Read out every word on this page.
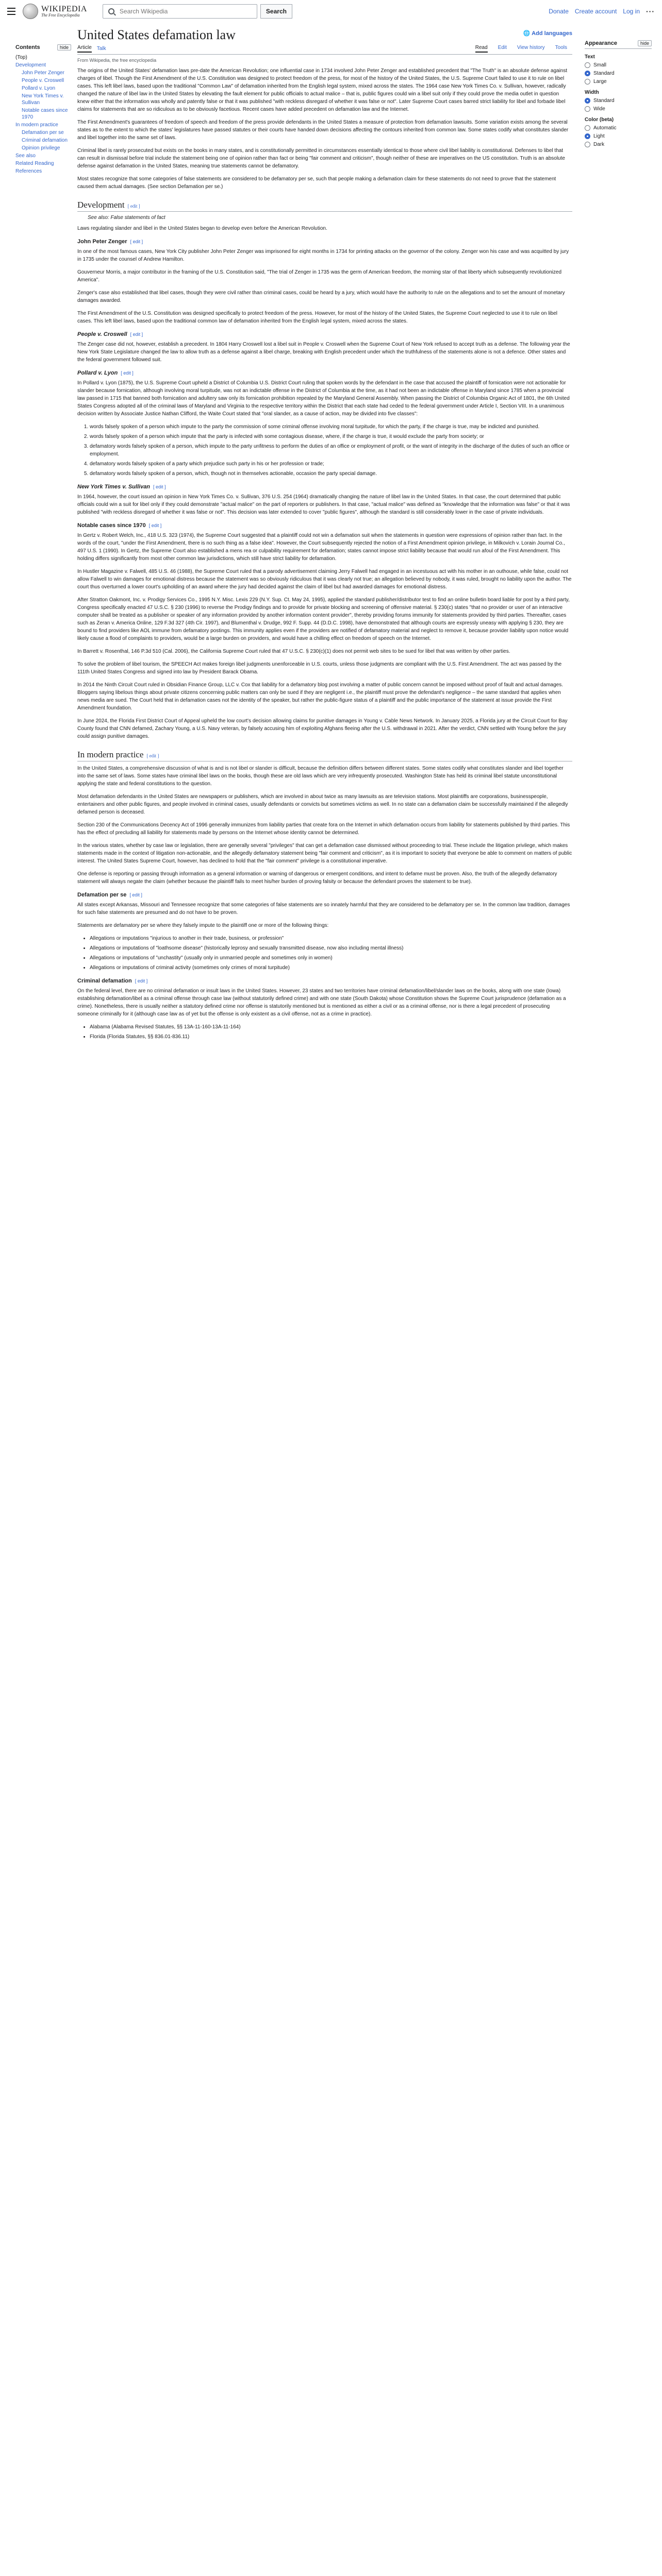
WIKIPEDIA
The Free Encyclopedia
Search Wikipedia
Search	Donate Create account Log in ···
Contents	hide
(Top)
Development
John Peter Zenger
People v. Croswell
Pollard v. Lyon
New York Times v. Sullivan
Notable cases since 1970
In modern practice
Defamation per se
Criminal defamation
Opinion privilege
See also
Related Reading
References
United States defamation law	🌐 Add languages
Article Talk	Read Edit View history Tools
From Wikipedia, the free encyclopedia

The origins of the United States' defamation laws pre-date the American Revolution; one influential case in 1734 involved John Peter Zenger and established precedent that "The Truth" is an absolute defense against charges of libel. Though the First Amendment of the U.S. Constitution was designed to protect freedom of the press, for most of the history of the United States, the U.S. Supreme Court failed to use it to rule on libel cases. This left libel laws, based upon the traditional "Common Law" of defamation inherited from the English legal system, mixed across the states. The 1964 case New York Times Co. v. Sullivan, however, radically changed the nature of libel law in the United States by elevating the fault element for public officials to actual malice – that is, public figures could win a libel suit only if they could prove the media outlet in question knew either that the information was wholly and patently false or that it was published "with reckless disregard of whether it was false or not". Later Supreme Court cases barred strict liability for libel and forbade libel claims for statements that are so ridiculous as to be obviously facetious. Recent cases have added precedent on defamation law and the Internet.

The First Amendment's guarantees of freedom of speech and freedom of the press provide defendants in the United States a measure of protection from defamation lawsuits. Some variation exists among the several states as to the extent to which the states' legislatures have passed statutes or their courts have handed down decisions affecting the contours inherited from common law. Some states codify what constitutes slander and libel together into the same set of laws.

Criminal libel is rarely prosecuted but exists on the books in many states, and is constitutionally permitted in circumstances essentially identical to those where civil libel liability is constitutional. Defenses to libel that can result in dismissal before trial include the statement being one of opinion rather than fact or being "fair comment and criticism", though neither of these are imperatives on the US constitution. Truth is an absolute defense against defamation in the United States, meaning true statements cannot be defamatory.

Most states recognize that some categories of false statements are considered to be defamatory per se, such that people making a defamation claim for these statements do not need to prove that the statement caused them actual damages. (See section Defamation per se.)

Development [ edit ]
See also: False statements of fact

Laws regulating slander and libel in the United States began to develop even before the American Revolution.

John Peter Zenger [ edit ]

In one of the most famous cases, New York City publisher John Peter Zenger was imprisoned for eight months in 1734 for printing attacks on the governor of the colony. Zenger won his case and was acquitted by jury in 1735 under the counsel of Andrew Hamilton.

Gouverneur Morris, a major contributor in the framing of the U.S. Constitution said, "The trial of Zenger in 1735 was the germ of American freedom, the morning star of that liberty which subsequently revolutionized America".

Zenger's case also established that libel cases, though they were civil rather than criminal cases, could be heard by a jury, which would have the authority to rule on the allegations and to set the amount of monetary damages awarded.

The First Amendment of the U.S. Constitution was designed specifically to protect freedom of the press. However, for most of the history of the United States, the Supreme Court neglected to use it to rule on libel cases. This left libel laws, based upon the traditional common law of defamation inherited from the English legal system, mixed across the states.

People v. Croswell [ edit ]

The Zenger case did not, however, establish a precedent. In 1804 Harry Croswell lost a libel suit in People v. Croswell when the Supreme Court of New York refused to accept truth as a defense. The following year the New York State Legislature changed the law to allow truth as a defense against a libel charge, breaking with English precedent under which the truthfulness of the statements alone is not a defence. Other states and the federal government followed suit.

Pollard v. Lyon [ edit ]

In Pollard v. Lyon (1875), the U.S. Supreme Court upheld a District of Columbia U.S. District Court ruling that spoken words by the defendant in the case that accused the plaintiff of fornication were not actionable for slander because fornication, although involving moral turpitude, was not an indictable offense in the District of Columbia at the time, as it had not been an indictable offense in Maryland since 1785 when a provincial law passed in 1715 that banned both fornication and adultery saw only its fornication prohibition repealed by the Maryland General Assembly. When passing the District of Columbia Organic Act of 1801, the 6th United States Congress adopted all of the criminal laws of Maryland and Virginia to the respective territory within the District that each state had ceded to the federal government under Article I, Section VIII. In a unanimous decision written by Associate Justice Nathan Clifford, the Waite Court stated that "oral slander, as a cause of action, may be divided into five classes":

1. words falsely spoken of a person which impute to the party the commission of some criminal offense involving moral turpitude, for which the party, if the charge is true, may be indicted and punished.
2. words falsely spoken of a person which impute that the party is infected with some contagious disease, where, if the charge is true, it would exclude the party from society; or
3. defamatory words falsely spoken of a person, which impute to the party unfitness to perform the duties of an office or employment of profit, or the want of integrity in the discharge of the duties of such an office or employment.
4. defamatory words falsely spoken of a party which prejudice such party in his or her profession or trade;
5. defamatory words falsely spoken of a person, which, though not in themselves actionable, occasion the party special damage.
New York Times v. Sullivan [ edit ]

In 1964, however, the court issued an opinion in New York Times Co. v. Sullivan, 376 U.S. 254 (1964) dramatically changing the nature of libel law in the United States. In that case, the court determined that public officials could win a suit for libel only if they could demonstrate "actual malice" on the part of reporters or publishers. In that case, "actual malice" was defined as "knowledge that the information was false" or that it was published "with reckless disregard of whether it was false or not". This decision was later extended to cover "public figures", although the standard is still considerably lower in the case of private individuals.

Notable cases since 1970 [ edit ]

In Gertz v. Robert Welch, Inc., 418 U.S. 323 (1974), the Supreme Court suggested that a plaintiff could not win a defamation suit when the statements in question were expressions of opinion rather than fact. In the words of the court, "under the First Amendment, there is no such thing as a false idea". However, the Court subsequently rejected the notion of a First Amendment opinion privilege, in Milkovich v. Lorain Journal Co., 497 U.S. 1 (1990). In Gertz, the Supreme Court also established a mens rea or culpability requirement for defamation; states cannot impose strict liability because that would run afoul of the First Amendment. This holding differs significantly from most other common law jurisdictions, which still have strict liability for defamation.

In Hustler Magazine v. Falwell, 485 U.S. 46 (1988), the Supreme Court ruled that a parody advertisement claiming Jerry Falwell had engaged in an incestuous act with his mother in an outhouse, while false, could not allow Falwell to win damages for emotional distress because the statement was so obviously ridiculous that it was clearly not true; an allegation believed by nobody, it was ruled, brought no liability upon the author. The court thus overturned a lower court's upholding of an award where the jury had decided against the claim of libel but had awarded damages for emotional distress.

After Stratton Oakmont, Inc. v. Prodigy Services Co., 1995 N.Y. Misc. Lexis 229 (N.Y. Sup. Ct. May 24, 1995), applied the standard publisher/distributor test to find an online bulletin board liable for post by a third party, Congress specifically enacted 47 U.S.C. § 230 (1996) to reverse the Prodigy findings and to provide for private blocking and screening of offensive material. § 230(c) states "that no provider or user of an interactive computer shall be treated as a publisher or speaker of any information provided by another information content provider", thereby providing forums immunity for statements provided by third parties. Thereafter, cases such as Zeran v. America Online, 129 F.3d 327 (4th Cir. 1997), and Blumenthal v. Drudge, 992 F. Supp. 44 (D.D.C. 1998), have demonstrated that although courts are expressly uneasy with applying § 230, they are bound to find providers like AOL immune from defamatory postings. This immunity applies even if the providers are notified of defamatory material and neglect to remove it, because provider liability upon notice would likely cause a flood of complaints to providers, would be a large burden on providers, and would have a chilling effect on freedom of speech on the Internet.

In Barrett v. Rosenthal, 146 P.3d 510 (Cal. 2006), the California Supreme Court ruled that 47 U.S.C. § 230(c)(1) does not permit web sites to be sued for libel that was written by other parties.

To solve the problem of libel tourism, the SPEECH Act makes foreign libel judgments unenforceable in U.S. courts, unless those judgments are compliant with the U.S. First Amendment. The act was passed by the 111th United States Congress and signed into law by President Barack Obama.

In 2014 the Ninth Circuit Court ruled in Obsidian Finance Group, LLC v. Cox that liability for a defamatory blog post involving a matter of public concern cannot be imposed without proof of fault and actual damages. Bloggers saying libelous things about private citizens concerning public matters can only be sued if they are negligent i.e., the plaintiff must prove the defendant's negligence – the same standard that applies when news media are sued. The Court held that in defamation cases not the identity of the speaker, but rather the public-figure status of a plaintiff and the public importance of the statement at issue provide the First Amendment foundation.

In June 2024, the Florida First District Court of Appeal upheld the low court's decision allowing claims for punitive damages in Young v. Cable News Network. In January 2025, a Florida jury at the Circuit Court for Bay County found that CNN defamed, Zachary Young, a U.S. Navy veteran, by falsely accusing him of exploiting Afghans fleeing after the U.S. withdrawal in 2021. After the verdict, CNN settled with Young before the jury could assign punitive damages.

In modern practice [ edit ]

In the United States, a comprehensive discussion of what is and is not libel or slander is difficult, because the definition differs between different states. Some states codify what constitutes slander and libel together into the same set of laws. Some states have criminal libel laws on the books, though these are old laws which are very infrequently prosecuted. Washington State has held its criminal libel statute unconstitutional applying the state and federal constitutions to the question.

Most defamation defendants in the United States are newspapers or publishers, which are involved in about twice as many lawsuits as are television stations. Most plaintiffs are corporations, businesspeople, entertainers and other public figures, and people involved in criminal cases, usually defendants or convicts but sometimes victims as well. In no state can a defamation claim be successfully maintained if the allegedly defamed person is deceased.

Section 230 of the Communications Decency Act of 1996 generally immunizes from liability parties that create fora on the Internet in which defamation occurs from liability for statements published by third parties. This has the effect of precluding all liability for statements made by persons on the Internet whose identity cannot be determined.

In the various states, whether by case law or legislation, there are generally several "privileges" that can get a defamation case dismissed without proceeding to trial. These include the litigation privilege, which makes statements made in the context of litigation non-actionable, and the allegedly defamatory statement being "fair comment and criticism", as it is important to society that everyone be able to comment on matters of public interest. The United States Supreme Court, however, has declined to hold that the "fair comment" privilege is a constitutional imperative.

One defense is reporting or passing through information as a general information or warning of dangerous or emergent conditions, and intent to defame must be proven. Also, the truth of the allegedly defamatory statement will always negate the claim (whether because the plaintiff fails to meet his/her burden of proving falsity or because the defendant proves the statement to be true).

Defamation per se [ edit ]

All states except Arkansas, Missouri and Tennessee recognize that some categories of false statements are so innately harmful that they are considered to be defamatory per se. In the common law tradition, damages for such false statements are presumed and do not have to be proven.

Statements are defamatory per se where they falsely impute to the plaintiff one or more of the following things:

• Allegations or imputations "injurious to another in their trade, business, or profession"
• Allegations or imputations of "loathsome disease" (historically leprosy and sexually transmitted disease, now also including mental illness)
• Allegations or imputations of "unchastity" (usually only in unmarried people and sometimes only in women)
• Allegations or imputations of criminal activity (sometimes only crimes of moral turpitude)
Criminal defamation [ edit ]

On the federal level, there are no criminal defamation or insult laws in the United States. However, 23 states and two territories have criminal defamation/libel/slander laws on the books, along with one state (Iowa) establishing defamation/libel as a criminal offense through case law (without statutorily defined crime) and with one state (South Dakota) whose Constitution shows the Supreme Court jurisprudence (defamation as a crime). Nonetheless, there is usually neither a statutory defined crime nor offense is statutorily mentioned but is mentioned as either a civil or as a criminal offense, nor is there a legal precedent of prosecuting someone criminally for it (although case law as of yet but the offense is only existent as a civil offense, not as a crime in practice).

• Alabama (Alabama Revised Statutes, §§ 13A-11-160-13A-11-164)
• Florida (Florida Statutes, §§ 836.01-836.11)
Appearance	hide
Text
Small
Standard
Large
Width
Standard
Wide
Color (beta)
Automatic
Light
Dark
